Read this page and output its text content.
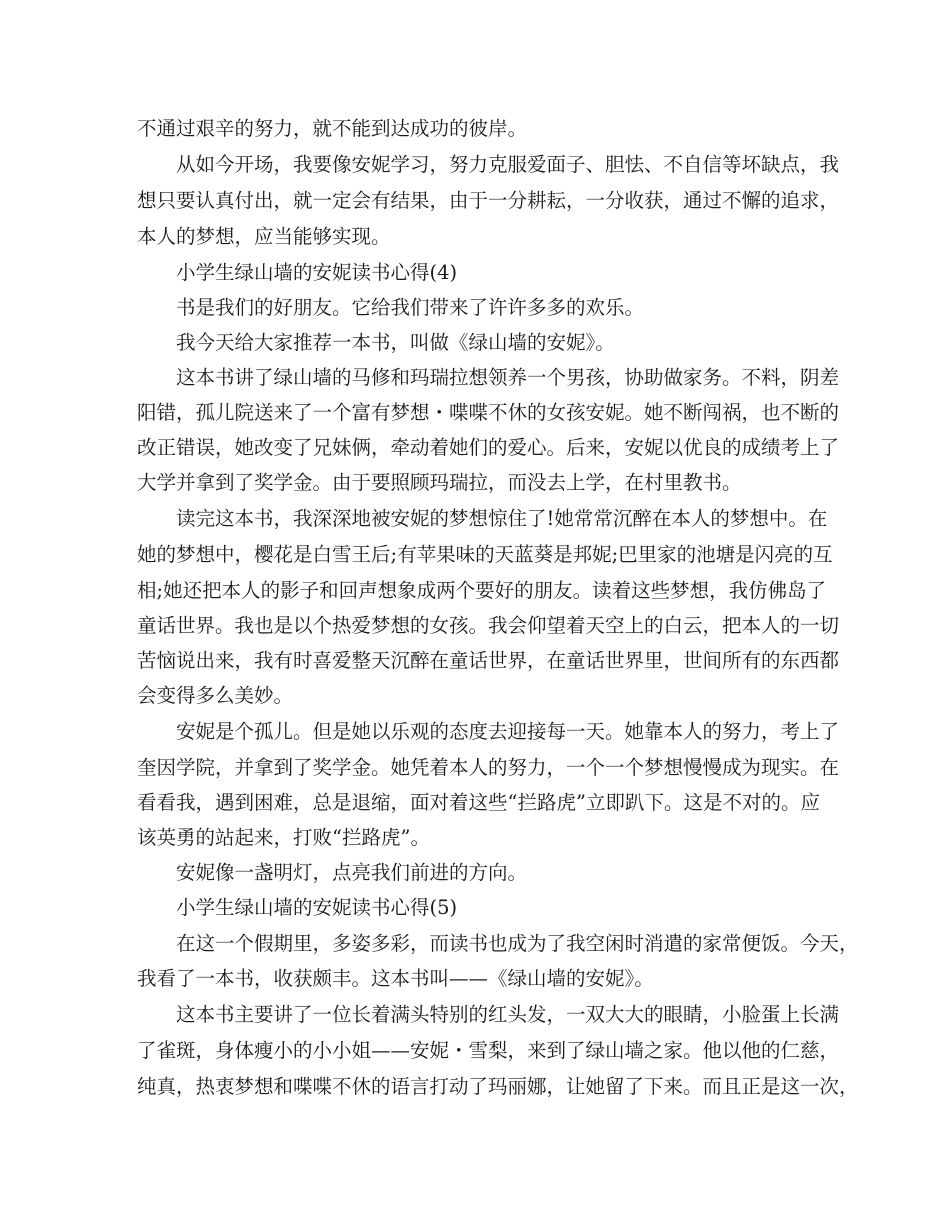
不通过艰辛的努力，就不能到达成功的彼岸。
从如今开场，我要像安妮学习，努力克服爱面子、胆怯、不自信等坏缺点，我
想只要认真付出，就一定会有结果，由于一分耕耘，一分收获，通过不懈的追求，
本人的梦想，应当能够实现。
小学生绿山墙的安妮读书心得(4)
书是我们的好朋友。它给我们带来了许许多多的欢乐。
我今天给大家推荐一本书，叫做《绿山墙的安妮》。
这本书讲了绿山墙的马修和玛瑞拉想领养一个男孩，协助做家务。不料，阴差
阳错，孤儿院送来了一个富有梦想・喋喋不休的女孩安妮。她不断闯祸，也不断的
改正错误，她改变了兄妹俩，牵动着她们的爱心。后来，安妮以优良的成绩考上了
大学并拿到了奖学金。由于要照顾玛瑞拉，而没去上学，在村里教书。
读完这本书，我深深地被安妮的梦想惊住了!她常常沉醉在本人的梦想中。在
她的梦想中，樱花是白雪王后;有苹果味的天蓝葵是邦妮;巴里家的池塘是闪亮的互
相;她还把本人的影子和回声想象成两个要好的朋友。读着这些梦想，我仿佛岛了
童话世界。我也是以个热爱梦想的女孩。我会仰望着天空上的白云，把本人的一切
苦恼说出来，我有时喜爱整天沉醉在童话世界，在童话世界里，世间所有的东西都
会变得多么美妙。
安妮是个孤儿。但是她以乐观的态度去迎接每一天。她靠本人的努力，考上了
奎因学院，并拿到了奖学金。她凭着本人的努力，一个一个梦想慢慢成为现实。在
看看我，遇到困难，总是退缩，面对着这些“拦路虎”立即趴下。这是不对的。应
该英勇的站起来，打败“拦路虎”。
安妮像一盏明灯，点亮我们前进的方向。
小学生绿山墙的安妮读书心得(5)
在这一个假期里，多姿多彩，而读书也成为了我空闲时消遣的家常便饭。今天，
我看了一本书，收获颇丰。这本书叫——《绿山墙的安妮》。
这本书主要讲了一位长着满头特别的红头发，一双大大的眼睛，小脸蛋上长满
了雀斑，身体瘦小的小小姐——安妮・雪梨，来到了绿山墙之家。他以他的仁慈，
纯真，热衷梦想和喋喋不休的语言打动了玛丽娜，让她留了下来。而且正是这一次，
